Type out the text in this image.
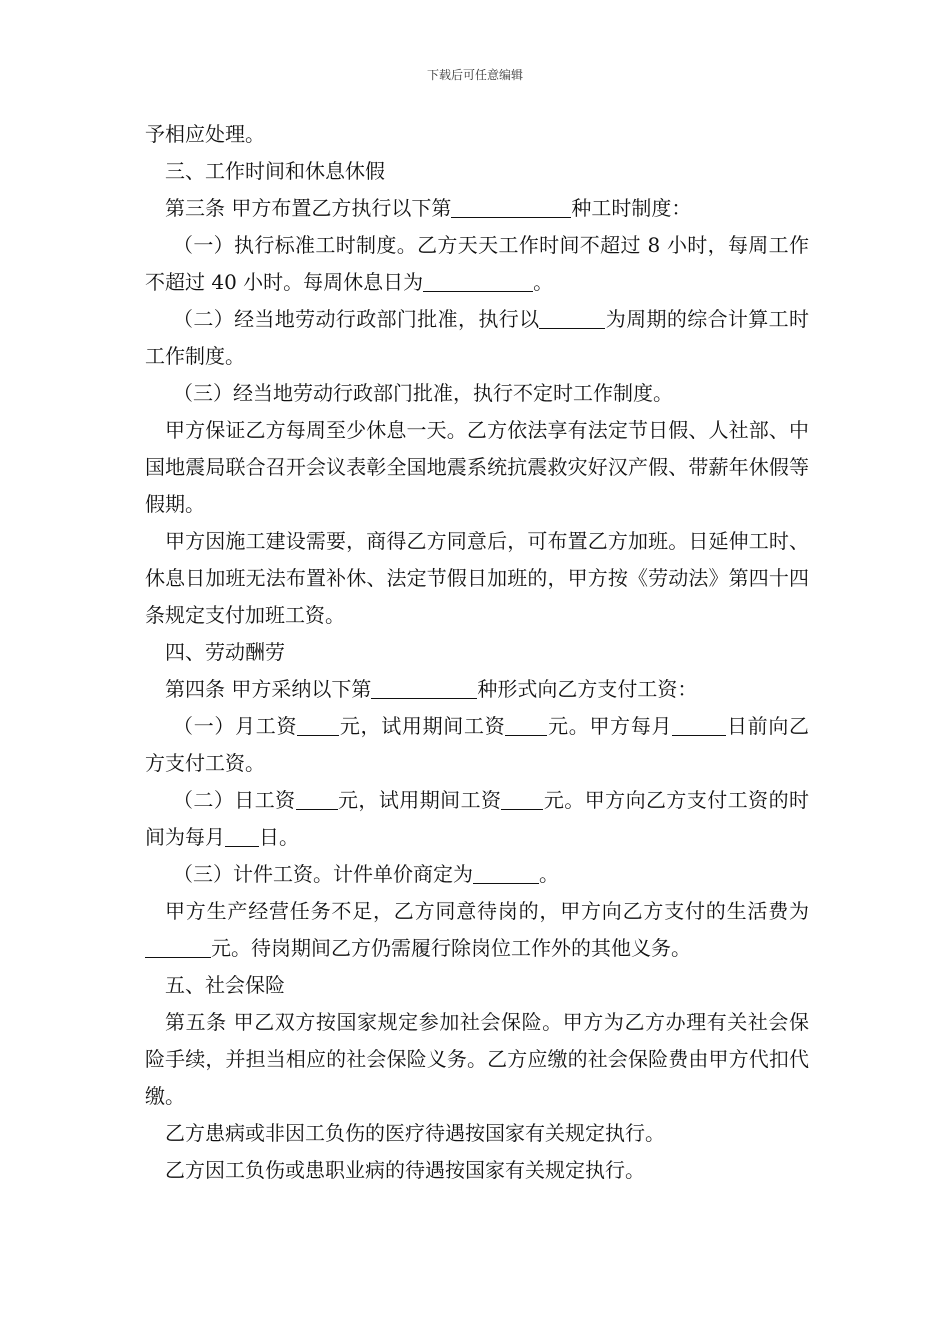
下载后可任意编辑

予相应处理。

三、工作时间和休息休假

第三条 甲方布置乙方执行以下第	种工时制度：

（一）执行标准工时制度。乙方天天工作时间不超过 8 小时，每周工作不超过 40 小时。每周休息日为	。

（二）经当地劳动行政部门批准，执行以	为周期的综合计算工时工作制度。

（三）经当地劳动行政部门批准，执行不定时工作制度。

甲方保证乙方每周至少休息一天。乙方依法享有法定节日假、人社部、中国地震局联合召开会议表彰全国地震系统抗震救灾好汉产假、带薪年休假等假期。

甲方因施工建设需要，商得乙方同意后，可布置乙方加班。日延伸工时、休息日加班无法布置补休、法定节假日加班的，甲方按《劳动法》第四十四条规定支付加班工资。

四、劳动酬劳

第四条 甲方采纳以下第	种形式向乙方支付工资：

（一）月工资 元，试用期间工资 元。甲方每月	日前向乙方支付工资。

（二）日工资 元，试用期间工资 元。甲方向乙方支付工资的时间为每月 日。

（三）计件工资。计件单价商定为	。

甲方生产经营任务不足，乙方同意待岗的，甲方向乙方支付的生活费为元。待岗期间乙方仍需履行除岗位工作外的其他义务。

五、社会保险

第五条 甲乙双方按国家规定参加社会保险。甲方为乙方办理有关社会保险手续，并担当相应的社会保险义务。乙方应缴的社会保险费由甲方代扣代缴。

乙方患病或非因工负伤的医疗待遇按国家有关规定执行。

乙方因工负伤或患职业病的待遇按国家有关规定执行。
